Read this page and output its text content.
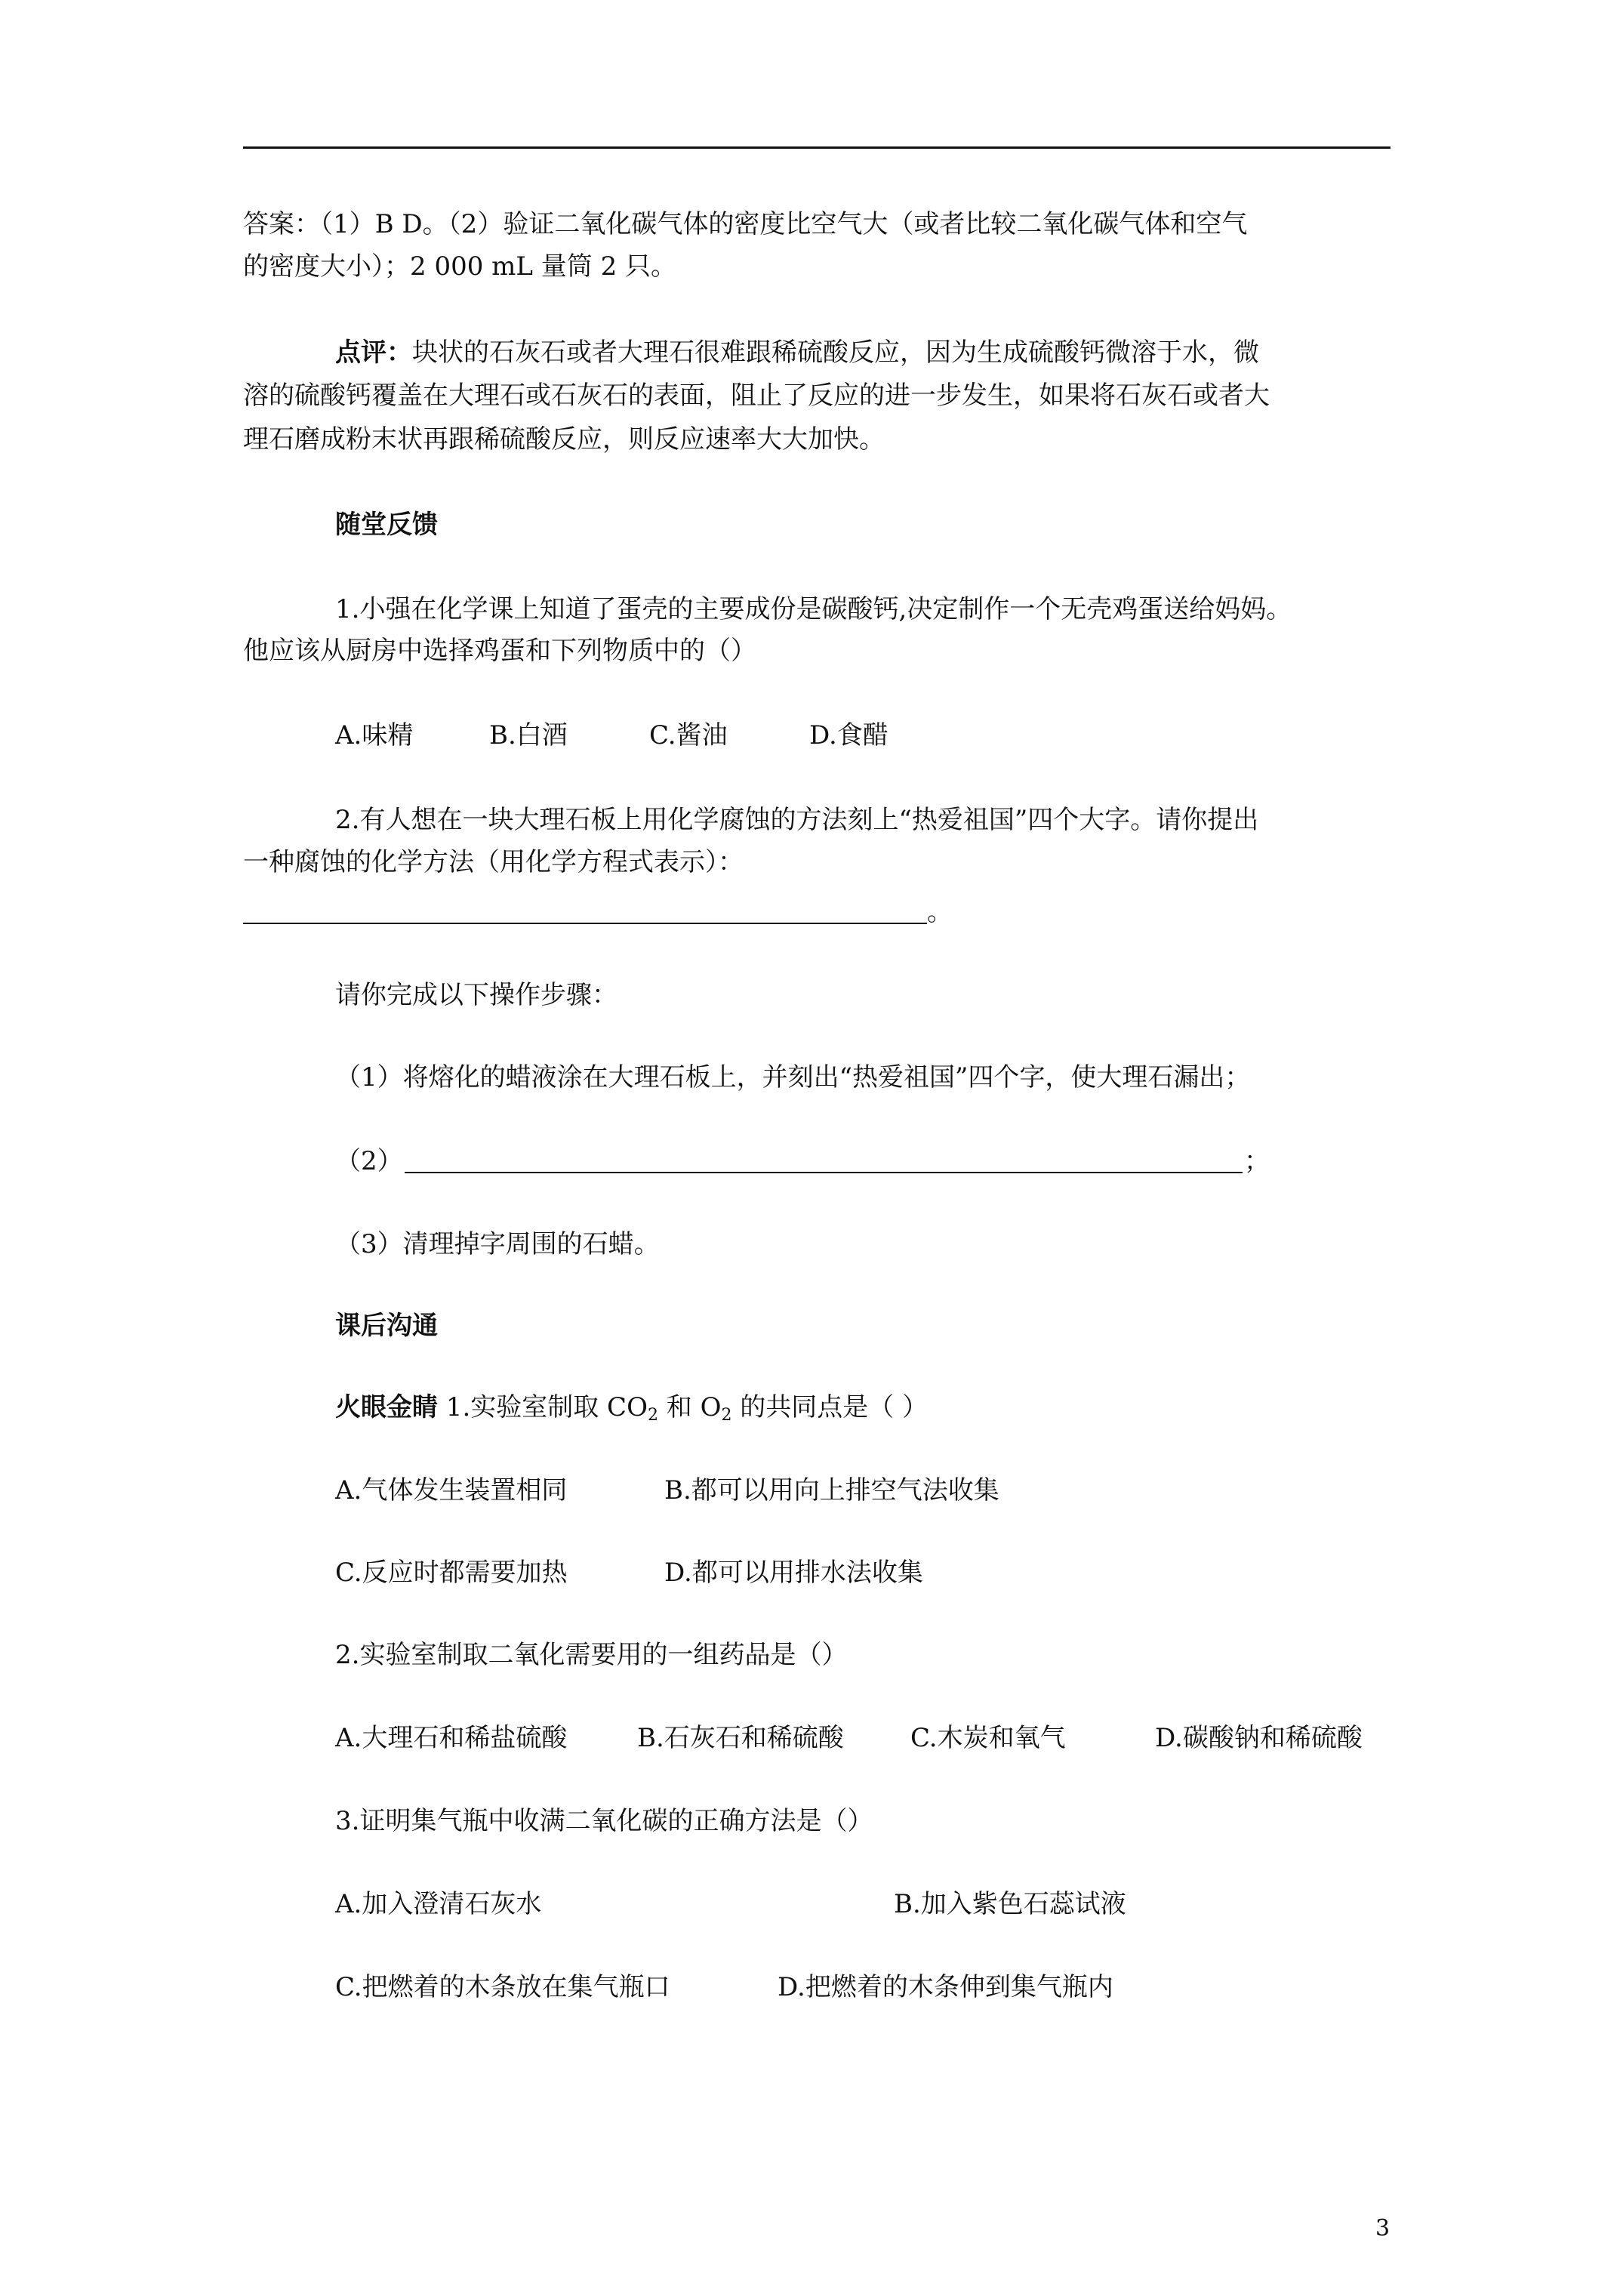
答案：（1）B D。（2）验证二氧化碳气体的密度比空气大（或者比较二氧化碳气体和空气
的密度大小）；2 000 mL 量筒 2 只。
点评：块状的石灰石或者大理石很难跟稀硫酸反应，因为生成硫酸钙微溶于水，微
溶的硫酸钙覆盖在大理石或石灰石的表面，阻止了反应的进一步发生，如果将石灰石或者大
理石磨成粉末状再跟稀硫酸反应，则反应速率大大加快。
随堂反馈
1.小强在化学课上知道了蛋壳的主要成份是碳酸钙,决定制作一个无壳鸡蛋送给妈妈。
他应该从厨房中选择鸡蛋和下列物质中的（）
A.味精	B.白酒	C.酱油	D.食醋
2.有人想在一块大理石板上用化学腐蚀的方法刻上“热爱祖国”四个大字。请你提出
一种腐蚀的化学方法（用化学方程式表示）：
。
请你完成以下操作步骤：
（1）将熔化的蜡液涂在大理石板上，并刻出“热爱祖国”四个字，使大理石漏出；
（2）	；
（3）清理掉字周围的石蜡。
课后沟通
火眼金睛 1.实验室制取 $CO_2$ 和 $O_2$ 的共同点是（ ）
A.气体发生装置相同	B.都可以用向上排空气法收集
C.反应时都需要加热	D.都可以用排水法收集
2.实验室制取二氧化需要用的一组药品是（）
A.大理石和稀盐硫酸	B.石灰石和稀硫酸	C.木炭和氧气	D.碳酸钠和稀硫酸
3.证明集气瓶中收满二氧化碳的正确方法是（）
A.加入澄清石灰水	B.加入紫色石蕊试液
C.把燃着的木条放在集气瓶口	D.把燃着的木条伸到集气瓶内
3
